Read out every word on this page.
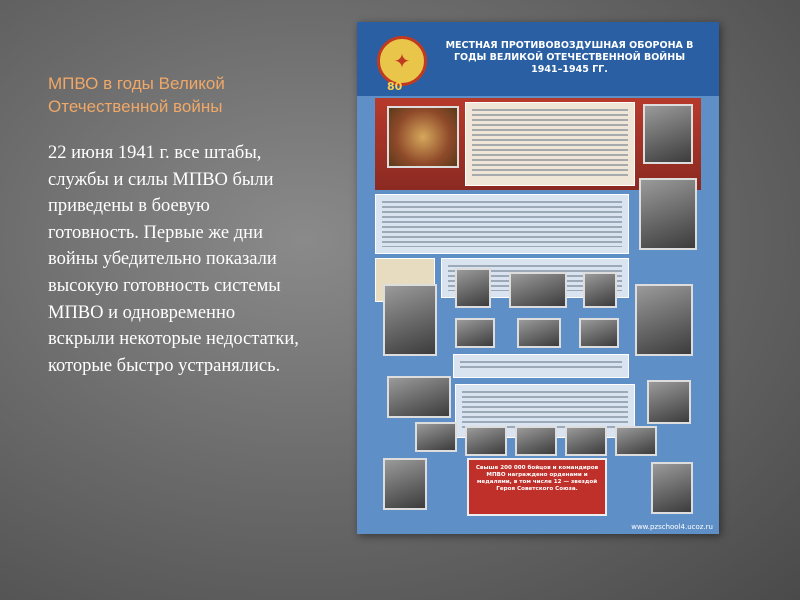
МПВО в годы Великой Отечественной войны
22 июня 1941 г. все штабы, службы и силы МПВО были приведены в боевую готовность. Первые же дни войны убедительно показали высокую готовность системы МПВО и одновременно вскрыли некоторые недостатки, которые быстро устранялись.
✦
80
МЕСТНАЯ ПРОТИВОВОЗДУШНАЯ ОБОРОНА В ГОДЫ ВЕЛИКОЙ ОТЕЧЕСТВЕННОЙ ВОЙНЫ 1941–1945 ГГ.
Свыше 200 000 бойцов и командиров МПВО награждено орденами и медалями, в том числе 12 — звездой Героя Советского Союза.
www.pzschool4.ucoz.ru
